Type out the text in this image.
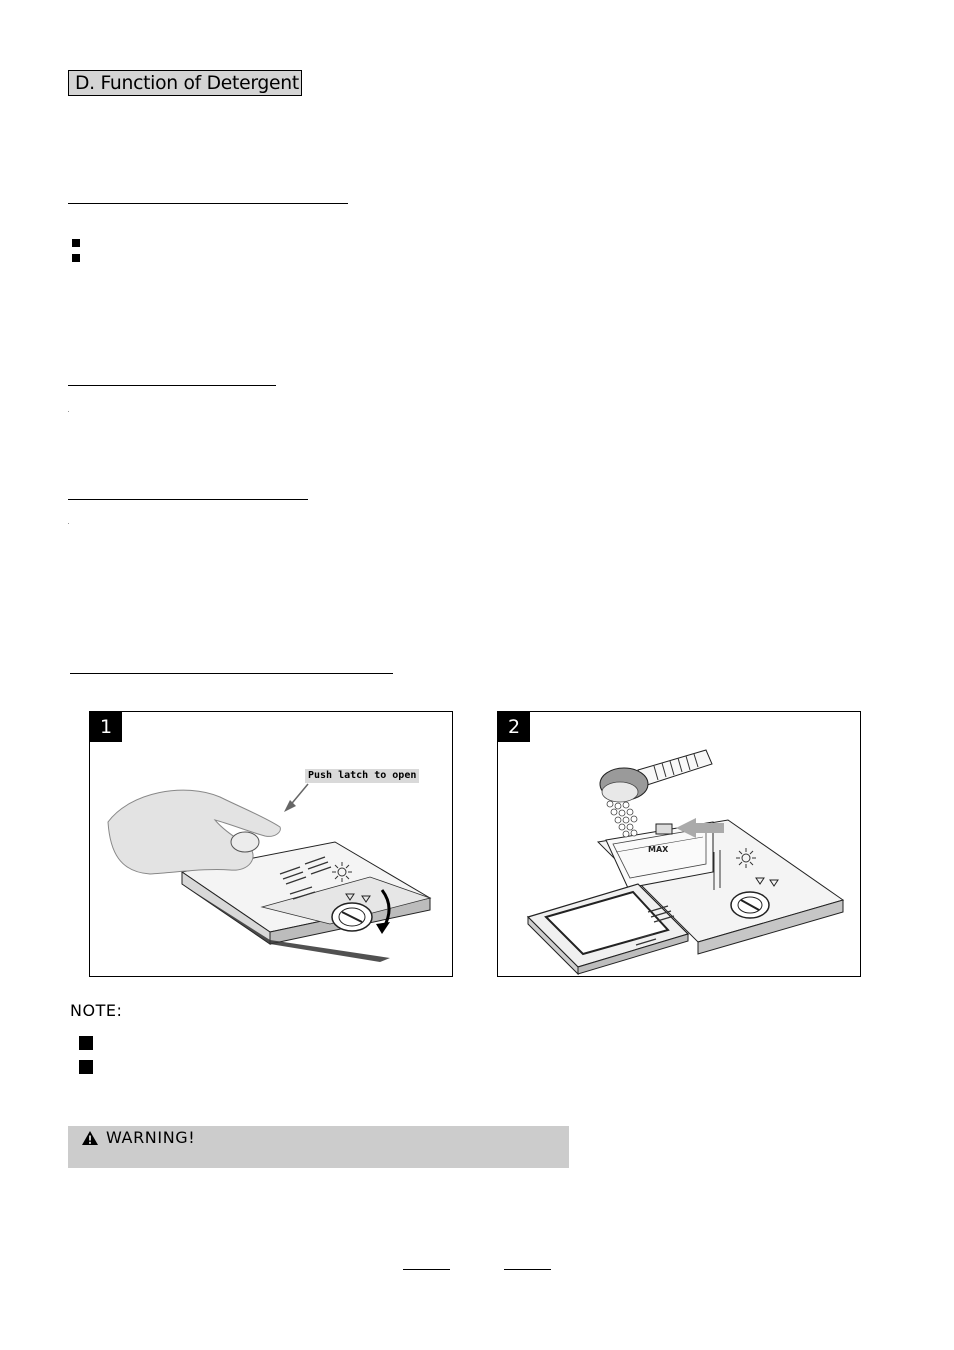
D. Function of Detergent
1
Push latch to open
MAX
2
NOTE:
WARNING!
